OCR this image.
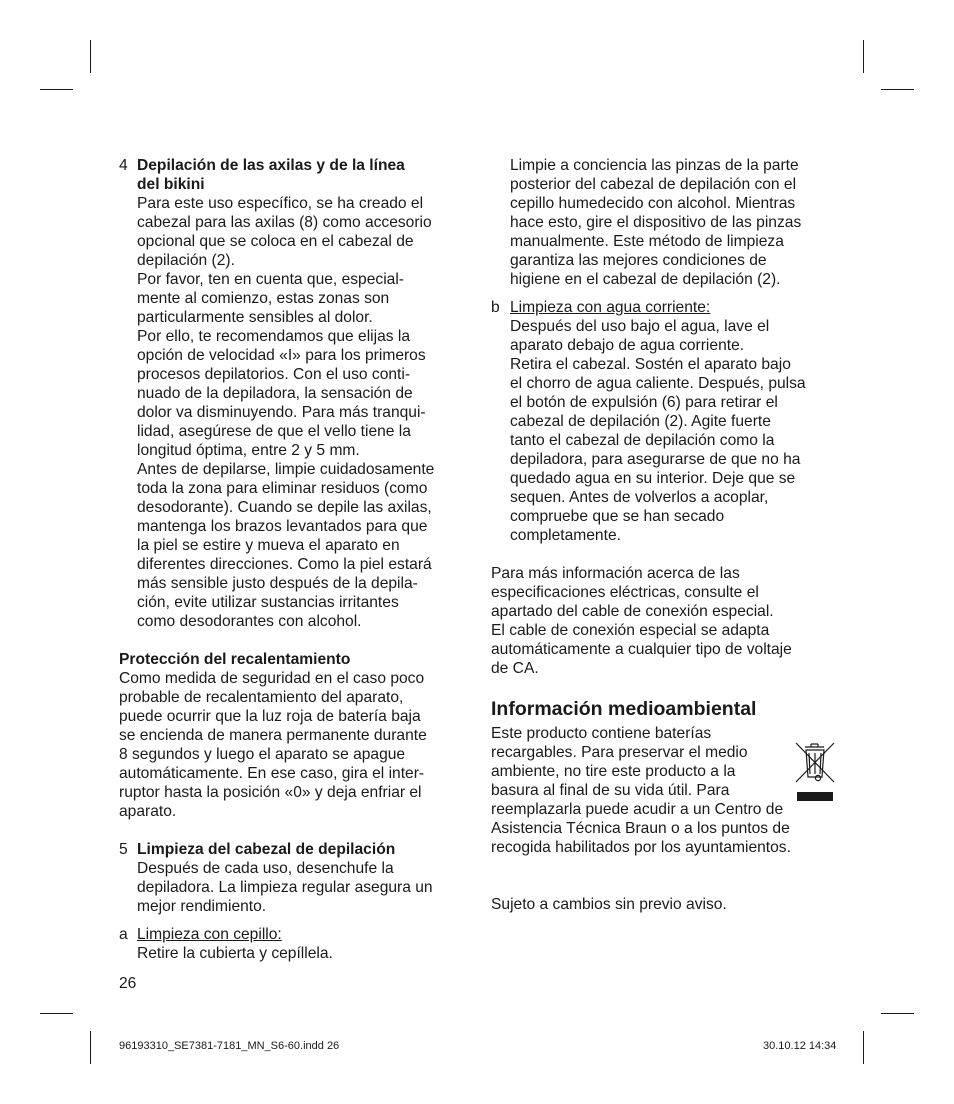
4 Depilación de las axilas y de la línea

del bikini

Para este uso específico, se ha creado el

cabezal para las axilas (8) como accesorio

opcional que se coloca en el cabezal de

depilación (2).

Por favor, ten en cuenta que, especial-

mente al comienzo, estas zonas son

particularmente sensibles al dolor.

Por ello, te recomendamos que elijas la

opción de velocidad «I» para los primeros

procesos depilatorios. Con el uso conti-

nuado de la depiladora, la sensación de

dolor va disminuyendo. Para más tranqui-

lidad, asegúrese de que el vello tiene la

longitud óptima, entre 2 y 5 mm.

Antes de depilarse, limpie cuidadosamente

toda la zona para eliminar residuos (como

desodorante). Cuando se depile las axilas,

mantenga los brazos levantados para que

la piel se estire y mueva el aparato en

diferentes direcciones. Como la piel estará

más sensible justo después de la depila-

ción, evite utilizar sustancias irritantes

como desodorantes con alcohol.

Protección del recalentamiento

Como medida de seguridad en el caso poco

probable de recalentamiento del aparato,

puede ocurrir que la luz roja de batería baja

se encienda de manera permanente durante

8 segundos y luego el aparato se apague

automáticamente. En ese caso, gira el inter-

ruptor hasta la posición «0» y deja enfriar el

aparato.

5 Limpieza del cabezal de depilación

Después de cada uso, desenchufe la

depiladora. La limpieza regular asegura un

mejor rendimiento.

a Limpieza con cepillo:

Retire la cubierta y cepíllela.

26

Limpie a conciencia las pinzas de la parte

posterior del cabezal de depilación con el

cepillo humedecido con alcohol. Mientras

hace esto, gire el dispositivo de las pinzas

manualmente. Este método de limpieza

garantiza las mejores condiciones de

higiene en el cabezal de depilación (2).

b Limpieza con agua corriente:

Después del uso bajo el agua, lave el

aparato debajo de agua corriente.

Retira el cabezal. Sostén el aparato bajo

el chorro de agua caliente. Después, pulsa

el botón de expulsión (6) para retirar el

cabezal de depilación (2). Agite fuerte

tanto el cabezal de depilación como la

depiladora, para asegurarse de que no ha

quedado agua en su interior. Deje que se

sequen. Antes de volverlos a acoplar,

compruebe que se han secado

completamente.

Para más información acerca de las

especificaciones eléctricas, consulte el

apartado del cable de conexión especial.

El cable de conexión especial se adapta

automáticamente a cualquier tipo de voltaje

de CA.

Información medioambiental

Este producto contiene baterías

recargables. Para preservar el medio

ambiente, no tire este producto a la

basura al final de su vida útil. Para

reemplazarla puede acudir a un Centro de

Asistencia Técnica Braun o a los puntos de

recogida habilitados por los ayuntamientos.

Sujeto a cambios sin previo aviso.

96193310_SE7381-7181_MN_S6-60.indd 26	30.10.12 14:34
